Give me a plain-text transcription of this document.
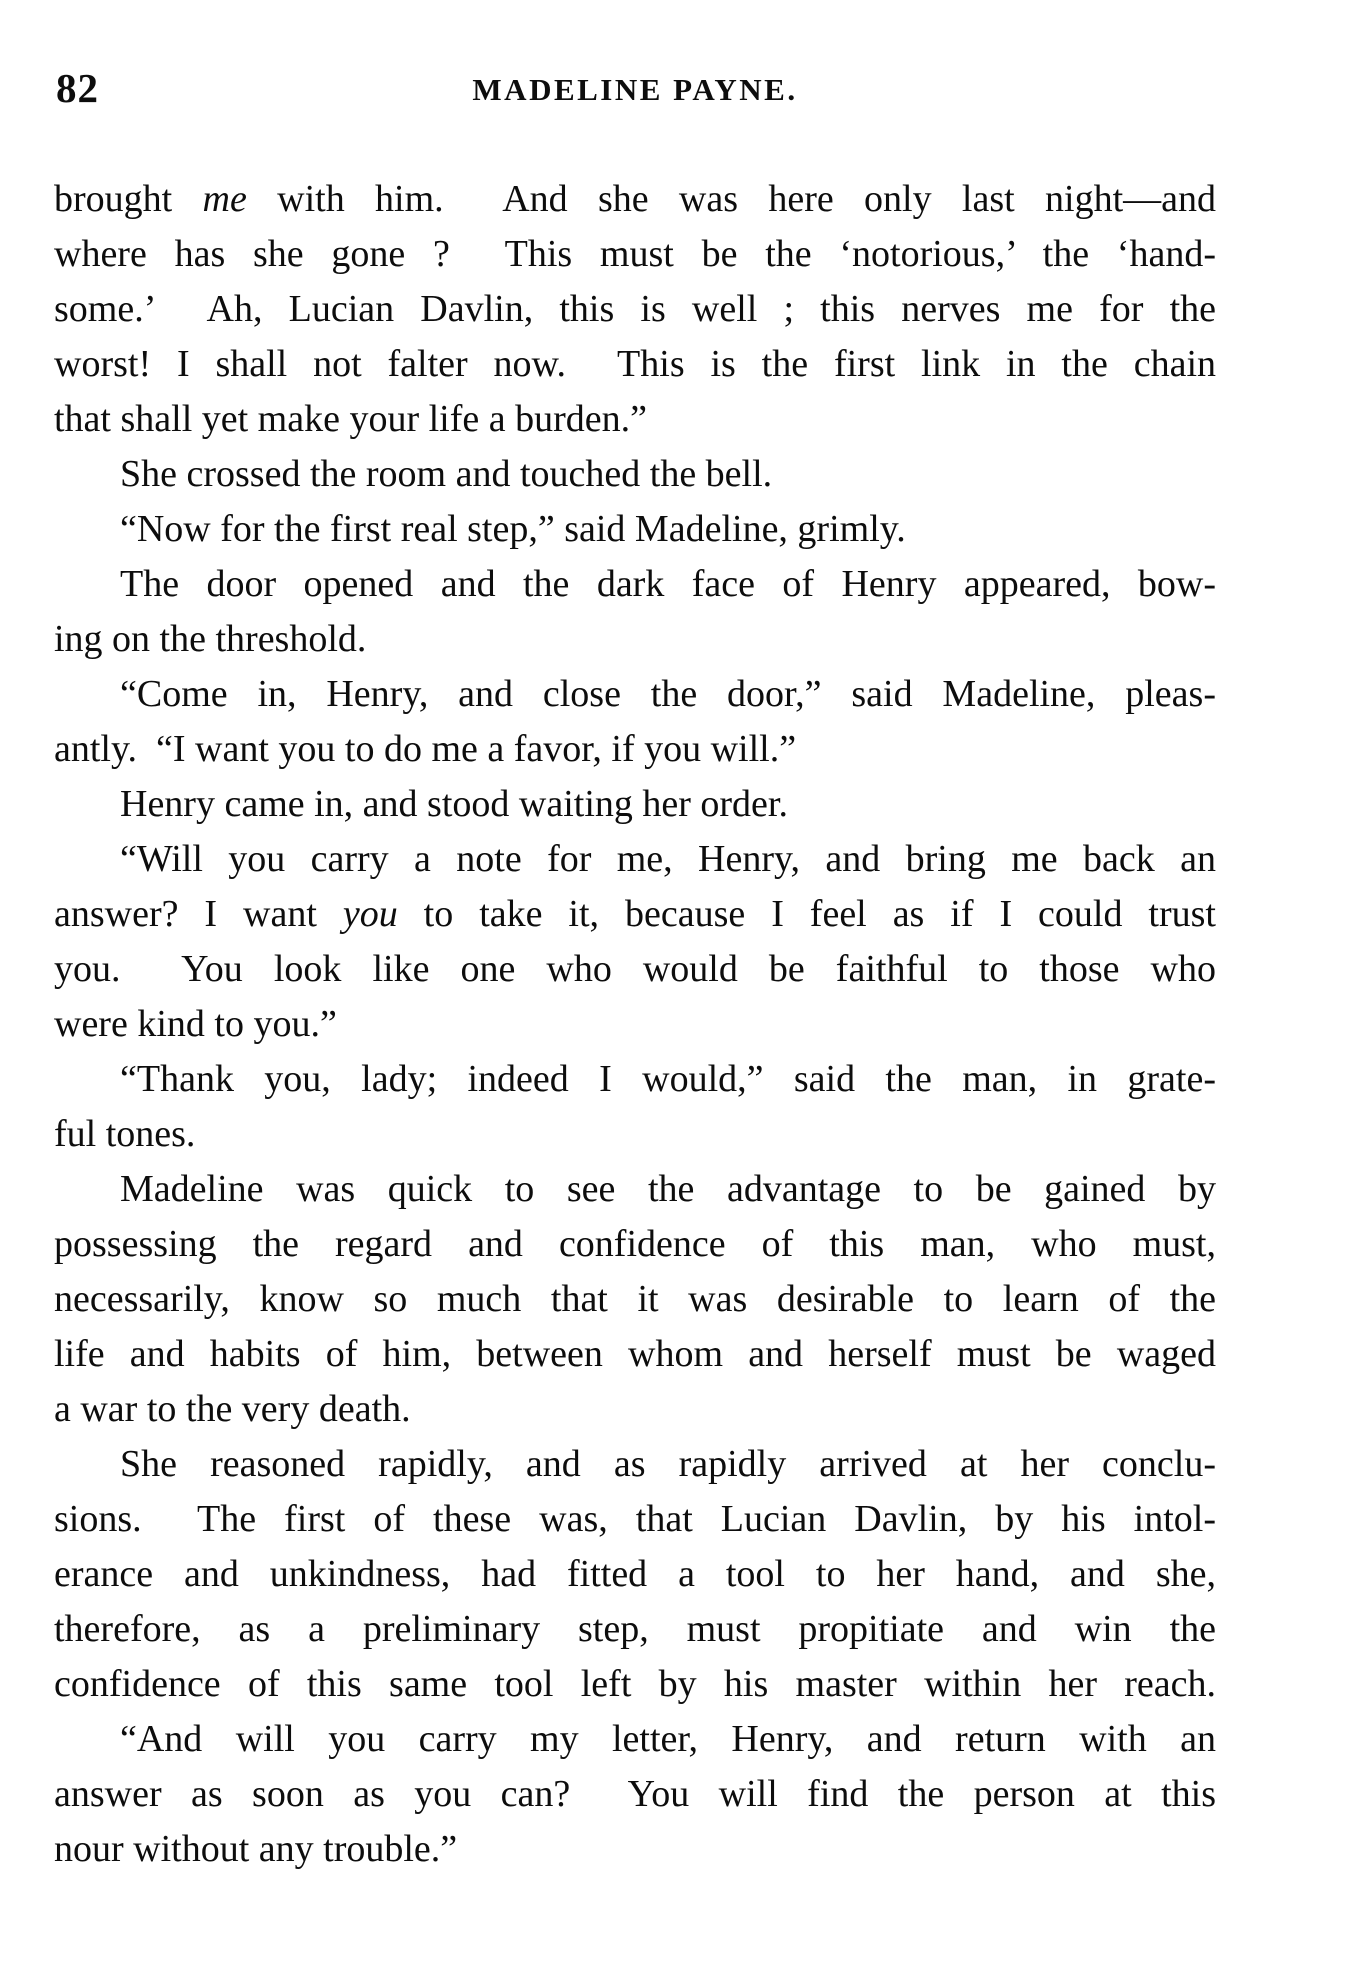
82	MADELINE PAYNE.
brought me with him.  And she was here only last night—and
where has she gone ?  This must be the ‘notorious,’ the ‘hand-
some.’  Ah, Lucian Davlin, this is well ; this nerves me for the
worst! I shall not falter now.  This is the first link in the chain
that shall yet make your life a burden.”
She crossed the room and touched the bell.
“Now for the first real step,” said Madeline, grimly.
The door opened and the dark face of Henry appeared, bow-
ing on the threshold.
“Come in, Henry, and close the door,” said Madeline, pleas-
antly.  “I want you to do me a favor, if you will.”
Henry came in, and stood waiting her order.
“Will you carry a note for me, Henry, and bring me back an
answer? I want you to take it, because I feel as if I could trust
you.  You look like one who would be faithful to those who
were kind to you.”
“Thank you, lady; indeed I would,” said the man, in grate-
ful tones.
Madeline was quick to see the advantage to be gained by
possessing the regard and confidence of this man, who must,
necessarily, know so much that it was desirable to learn of the
life and habits of him, between whom and herself must be waged
a war to the very death.
She reasoned rapidly, and as rapidly arrived at her conclu-
sions.  The first of these was, that Lucian Davlin, by his intol-
erance and unkindness, had fitted a tool to her hand, and she,
therefore, as a preliminary step, must propitiate and win the
confidence of this same tool left by his master within her reach.
“And will you carry my letter, Henry, and return with an
answer as soon as you can?  You will find the person at this
nour without any trouble.”
